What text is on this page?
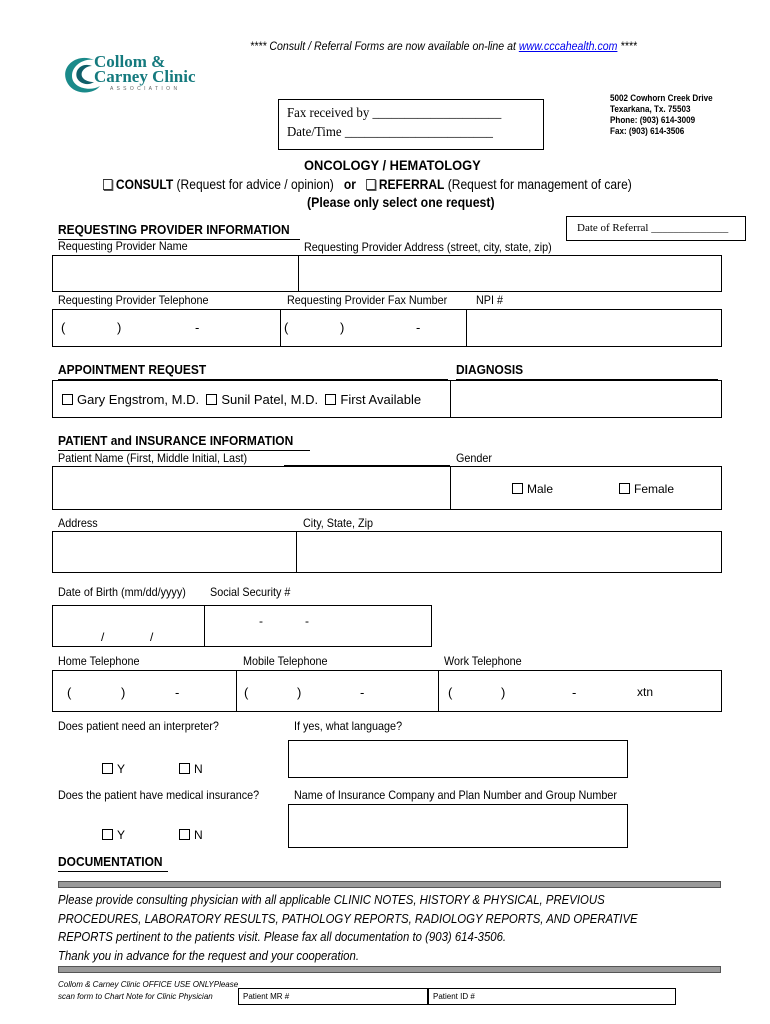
**** Consult / Referral Forms are now available on-line at www.cccahealth.com ****
Collom &
Carney Clinic
A S S O C I A T I O N
Fax received by ____________________
Date/Time _______________________
5002 Cowhorn Creek Drive
Texarkana, Tx. 75503
Phone: (903) 614-3009
Fax: (903) 614-3506
ONCOLOGY / HEMATOLOGY
CONSULT (Request for advice / opinion) or REFERRAL (Request for management of care)
(Please only select one request)
REQUESTING PROVIDER INFORMATION	Date of Referral ______________
Requesting Provider Name	Requesting Provider Address (street, city, state, zip)
Requesting Provider Telephone	Requesting Provider Fax Number NPI #
(	)	-	(	)	-
APPOINTMENT REQUEST	DIAGNOSIS
Gary Engstrom, M.D. Sunil Patel, M.D. First Available
PATIENT and INSURANCE INFORMATION
Patient Name (First, Middle Initial, Last)	Gender
Male	Female
Address	City, State, Zip
Date of Birth (mm/dd/yyyy) Social Security #
/	/
-	-
Home Telephone	Mobile Telephone	Work Telephone
(	)	-	(	)	-	(	)	-	xtn
Does patient need an interpreter?	If yes, what language?
Y	N
Does the patient have medical insurance?	Name of Insurance Company and Plan Number and Group Number
Y	N
DOCUMENTATION
Please provide consulting physician with all applicable CLINIC NOTES, HISTORY & PHYSICAL, PREVIOUS
PROCEDURES, LABORATORY RESULTS, PATHOLOGY REPORTS, RADIOLOGY REPORTS, AND OPERATIVE
REPORTS pertinent to the patients visit. Please fax all documentation to (903) 614-3506.
Thank you in advance for the request and your cooperation.
Collom & Carney Clinic OFFICE USE ONLYPlease
scan form to Chart Note for Clinic Physician	Patient MR #	Patient ID #
